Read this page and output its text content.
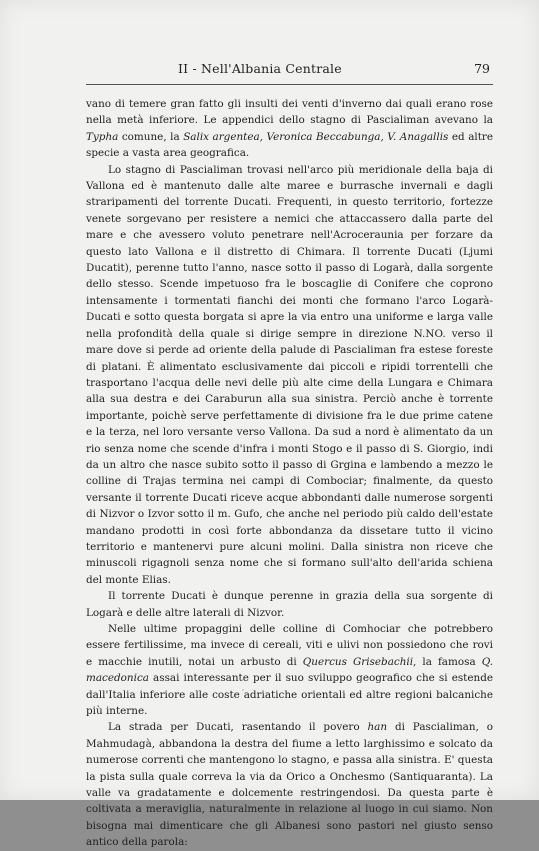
II - Nell'Albania Centrale	79

vano di temere gran fatto gli insulti dei venti d'inverno dai quali erano rose nella metà inferiore. Le appendici dello stagno di Pascialiman avevano la Typha comune, la Salix argentea, Veronica Beccabunga, V. Anagallis ed altre specie a vasta area geografica.

Lo stagno di Pascialiman trovasi nell'arco più meridionale della baja di Vallona ed è mantenuto dalle alte maree e burrasche invernali e dagli straripamenti del torrente Ducati. Frequenti, in questo territorio, fortezze venete sorgevano per resistere a nemici che attaccassero dalla parte del mare e che avessero voluto penetrare nell'Acroceraunia per forzare da questo lato Vallona e il distretto di Chimara. Il torrente Ducati (Ljumi Ducatit), perenne tutto l'anno, nasce sotto il passo di Logarà, dalla sorgente dello stesso. Scende impetuoso fra le boscaglie di Conifere che coprono intensamente i tormentati fianchi dei monti che formano l'arco Logarà-Ducati e sotto questa borgata si apre la via entro una uniforme e larga valle nella profondità della quale si dirige sempre in direzione N.NO. verso il mare dove si perde ad oriente della palude di Pascialiman fra estese foreste di platani. È alimentato esclusivamente dai piccoli e ripidi torrentelli che trasportano l'acqua delle nevi delle più alte cime della Lungara e Chimara alla sua destra e dei Caraburun alla sua sinistra. Perciò anche è torrente importante, poichè serve perfettamente di divisione fra le due prime catene e la terza, nel loro versante verso Vallona. Da sud a nord è alimentato da un rio senza nome che scende d'infra i monti Stogo e il passo di S. Giorgio, indi da un altro che nasce subito sotto il passo di Grgina e lambendo a mezzo le colline di Trajas termina nei campi di Combociar; finalmente, da questo versante il torrente Ducati riceve acque abbondanti dalle numerose sorgenti di Nizvor o Izvor sotto il m. Gufo, che anche nel periodo più caldo dell'estate mandano prodotti in così forte abbondanza da dissetare tutto il vicino territorio e mantenervi pure alcuni molini. Dalla sinistra non riceve che minuscoli rigagnoli senza nome che si formano sull'alto dell'arida schiena del monte Elias.

Il torrente Ducati è dunque perenne in grazia della sua sorgente di Logarà e delle altre laterali di Nizvor.

Nelle ultime propaggini delle colline di Comhociar che potrebbero essere fertilissime, ma invece di cereali, viti e ulivi non possiedono che rovi e macchie inutili, notai un arbusto di Quercus Grisebachii, la famosa Q. macedonica assai interessante per il suo sviluppo geografico che si estende dall'Italia inferiore alle coste adriatiche orientali ed altre regioni balcaniche più interne.

La strada per Ducati, rasentando il povero han di Pascialiman, o Mahmudagà, abbandona la destra del fiume a letto larghissimo e solcato da numerose correnti che mantengono lo stagno, e passa alla sinistra. E' questa la pista sulla quale correva la via da Orico a Onchesmo (Santiquaranta). La valle va gradatamente e dolcemente restringendosi. Da questa parte è coltivata a meraviglia, naturalmente in relazione al luogo in cui siamo. Non bisogna mai dimenticare che gli Albanesi sono pastori nel giusto senso antico della parola:
